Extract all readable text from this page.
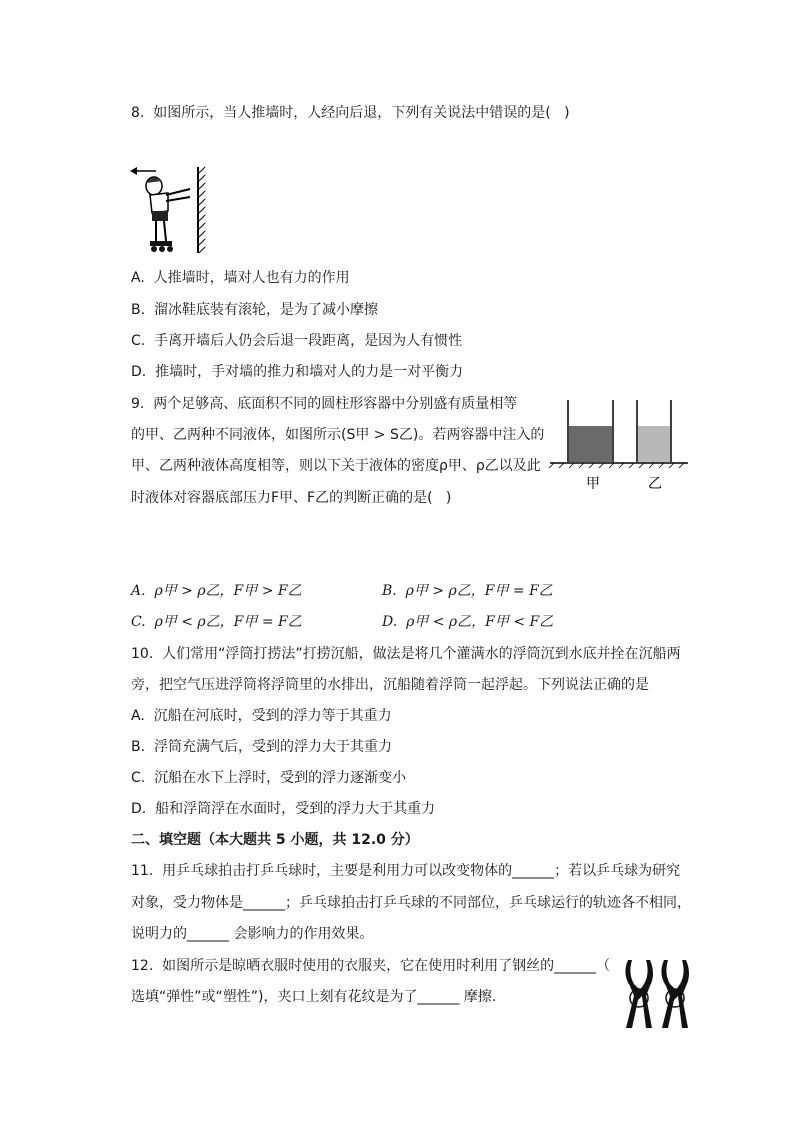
8.  如图所示，当人推墙时，人经向后退，下列有关说法中错误的是(   )
A.  人推墙时，墙对人也有力的作用
B.  溜冰鞋底装有滚轮，是为了减小摩擦
C.  手离开墙后人仍会后退一段距离，是因为人有惯性
D.  推墙时，手对墙的推力和墙对人的力是一对平衡力
9.  两个足够高、底面积不同的圆柱形容器中分别盛有质量相等
的甲、乙两种不同液体，如图所示(S甲 > S乙)。若两容器中注入的
甲、乙两种液体高度相等，则以下关于液体的密度ρ甲、ρ乙以及此
时液体对容器底部压力F甲、F乙的判断正确的是(   )
甲	乙
A.  ρ甲 > ρ乙，F甲 > F乙	B.  ρ甲 > ρ乙，F甲 = F乙
C.  ρ甲 < ρ乙，F甲 = F乙	D.  ρ甲 < ρ乙，F甲 < F乙
10.  人们常用“浮筒打捞法”打捞沉船，做法是将几个灌满水的浮筒沉到水底并拴在沉船两
旁，把空气压进浮筒将浮筒里的水排出，沉船随着浮筒一起浮起。下列说法正确的是
A.  沉船在河底时，受到的浮力等于其重力
B.  浮筒充满气后，受到的浮力大于其重力
C.  沉船在水下上浮时，受到的浮力逐渐变小
D.  船和浮筒浮在水面时，受到的浮力大于其重力
二、填空题（本大题共 5 小题，共 12.0 分）
11.  用乒乓球拍击打乒乓球时，主要是利用力可以改变物体的______；若以乒乓球为研究
对象，受力物体是______；乒乓球拍击打乒乓球的不同部位，乒乓球运行的轨迹各不相同，
说明力的______ 会影响力的作用效果。
12.  如图所示是晾晒衣服时使用的衣服夹，它在使用时利用了钢丝的______（
选填“弹性”或“塑性”)，夹口上刻有花纹是为了______ 摩擦.
